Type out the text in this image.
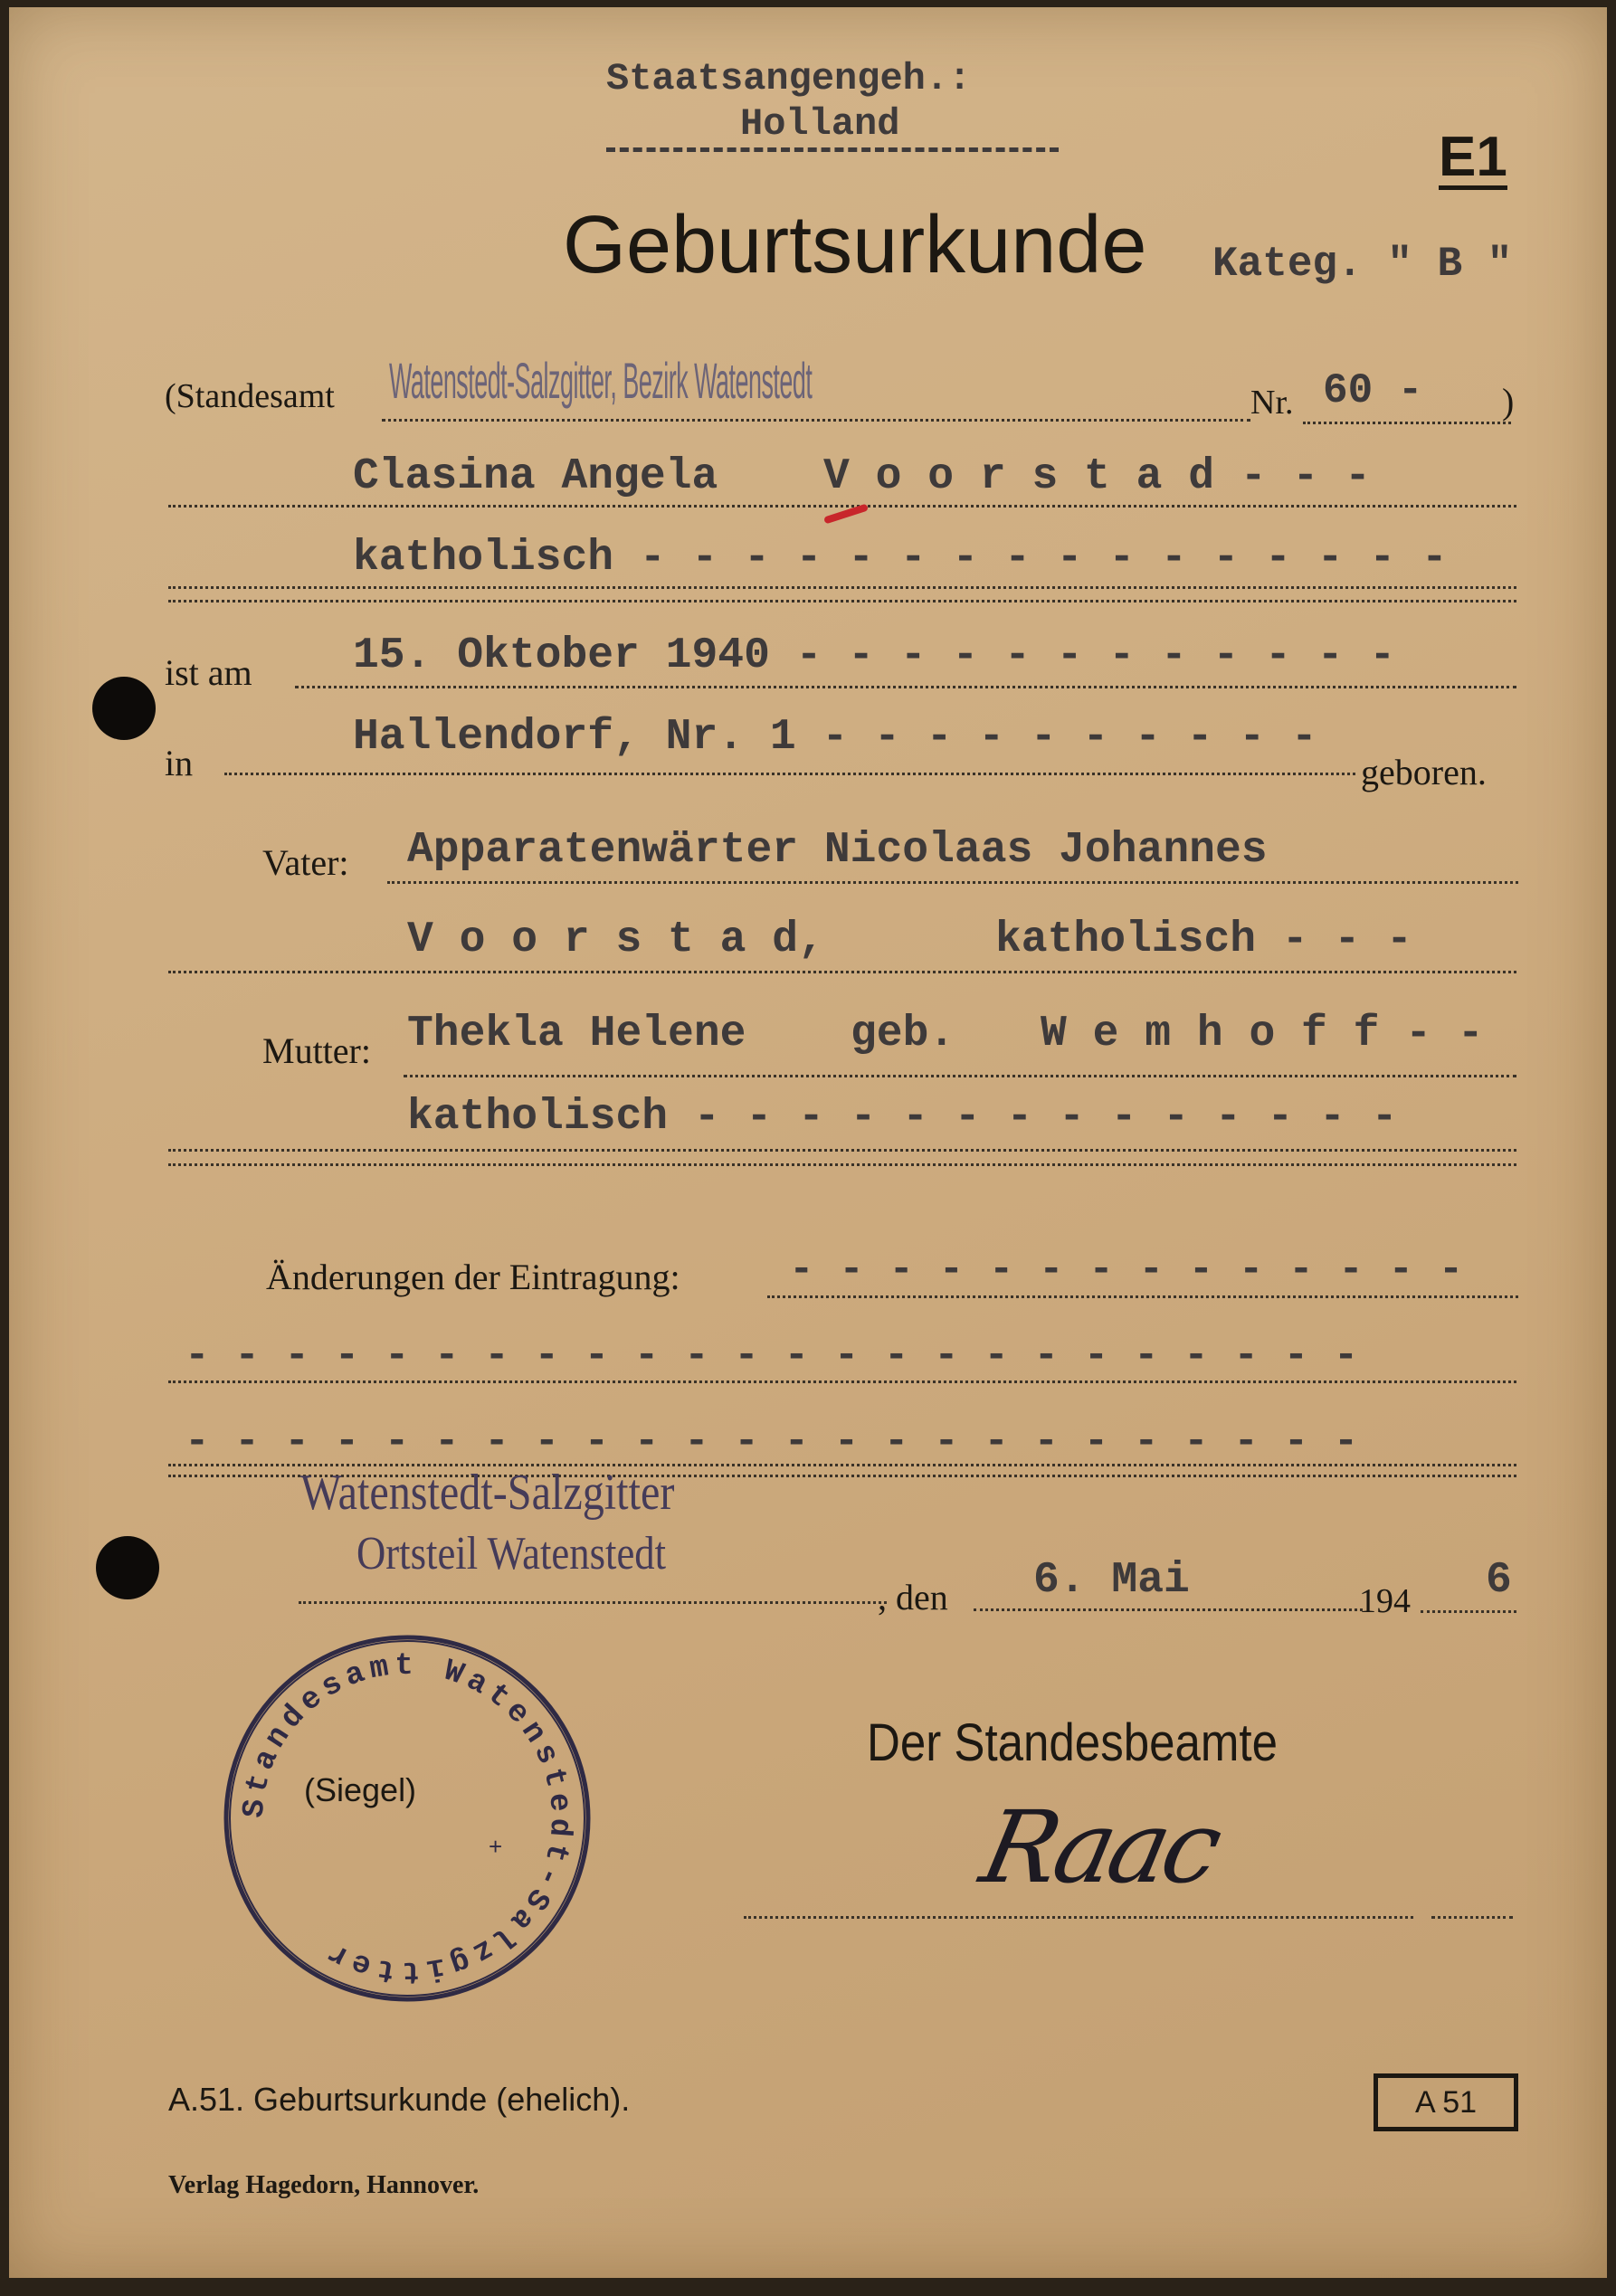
Staatsangengeh.:
Holland
E1
Geburtsurkunde Kateg. " B "
(Standesamt Watenstedt-Salzgitter, Bezirk Watenstedt	Nr. 60 - )
Clasina Angela V o o r s t a d - - -
katholisch - - - - - - - - - - - - - - - -
ist am 15. Oktober 1940 - - - - - - - - - - - -
in
Hallendorf, Nr. 1 - - - - - - - - - -
geboren.
Vater: Apparatenwärter Nicolaas Johannes
V o o r s t a d,	katholisch - - -
Mutter: Thekla Helene geb. W e m h o f f - -
katholisch - - - - - - - - - - - - - -
Änderungen der Eintragung:	- - - - - - - - - - - - - -
- - - - - - - - - - - - - - - - - - - - - - - -
- - - - - - - - - - - - - - - - - - - - - - - -
Watenstedt-Salzgitter
Ortsteil Watenstedt
, den 6. Mai	194 6
Standesamt Watenstedt-Salzgitter
+
(Siegel)
Der Standesbeamte
Raac
A.51. Geburtsurkunde (ehelich).	A 51
Verlag Hagedorn, Hannover.
